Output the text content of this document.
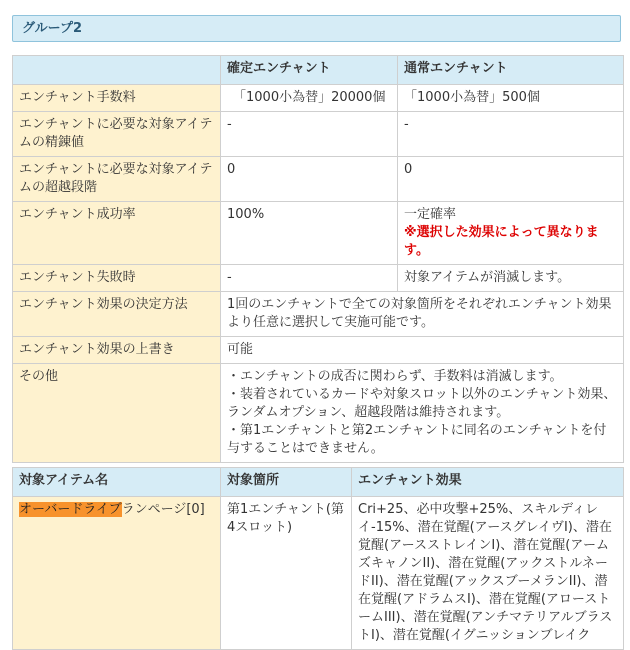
グループ2
	確定エンチャント	通常エンチャント
エンチャント手数料	「1000小為替」20000個	「1000小為替」500個
エンチャントに必要な対象アイテムの精錬値	-	-
エンチャントに必要な対象アイテムの超越段階	0	0
エンチャント成功率	100%	一定確率
※選択した効果によって異なります。

エンチャント失敗時	-	対象アイテムが消滅します。
エンチャント効果の決定方法	1回のエンチャントで全ての対象箇所をそれぞれエンチャント効果より任意に選択して実施可能です。	
エンチャント効果の上書き	可能	
その他	・エンチャントの成否に関わらず、手数料は消滅します。
・装着されているカードや対象スロット以外のエンチャント効果、ランダムオプション、超越段階は維持されます。
・第1エンチャントと第2エンチャントに同名のエンチャントを付与することはできません。	
対象アイテム名	対象箇所	エンチャント効果
オーバードライブランページ[0]	第1エンチャント(第4スロット)	Cri+25、必中攻撃+25%、スキルディレイ-15%、潜在覚醒(アースグレイヴI)、潜在覚醒(アースストレインI)、潜在覚醒(アームズキャノンII)、潜在覚醒(アックストルネードII)、潜在覚醒(アックスブーメランII)、潜在覚醒(アドラムスI)、潜在覚醒(アローストームIII)、潜在覚醒(アンチマテリアルブラストI)、潜在覚醒(イグニッションブレイク
